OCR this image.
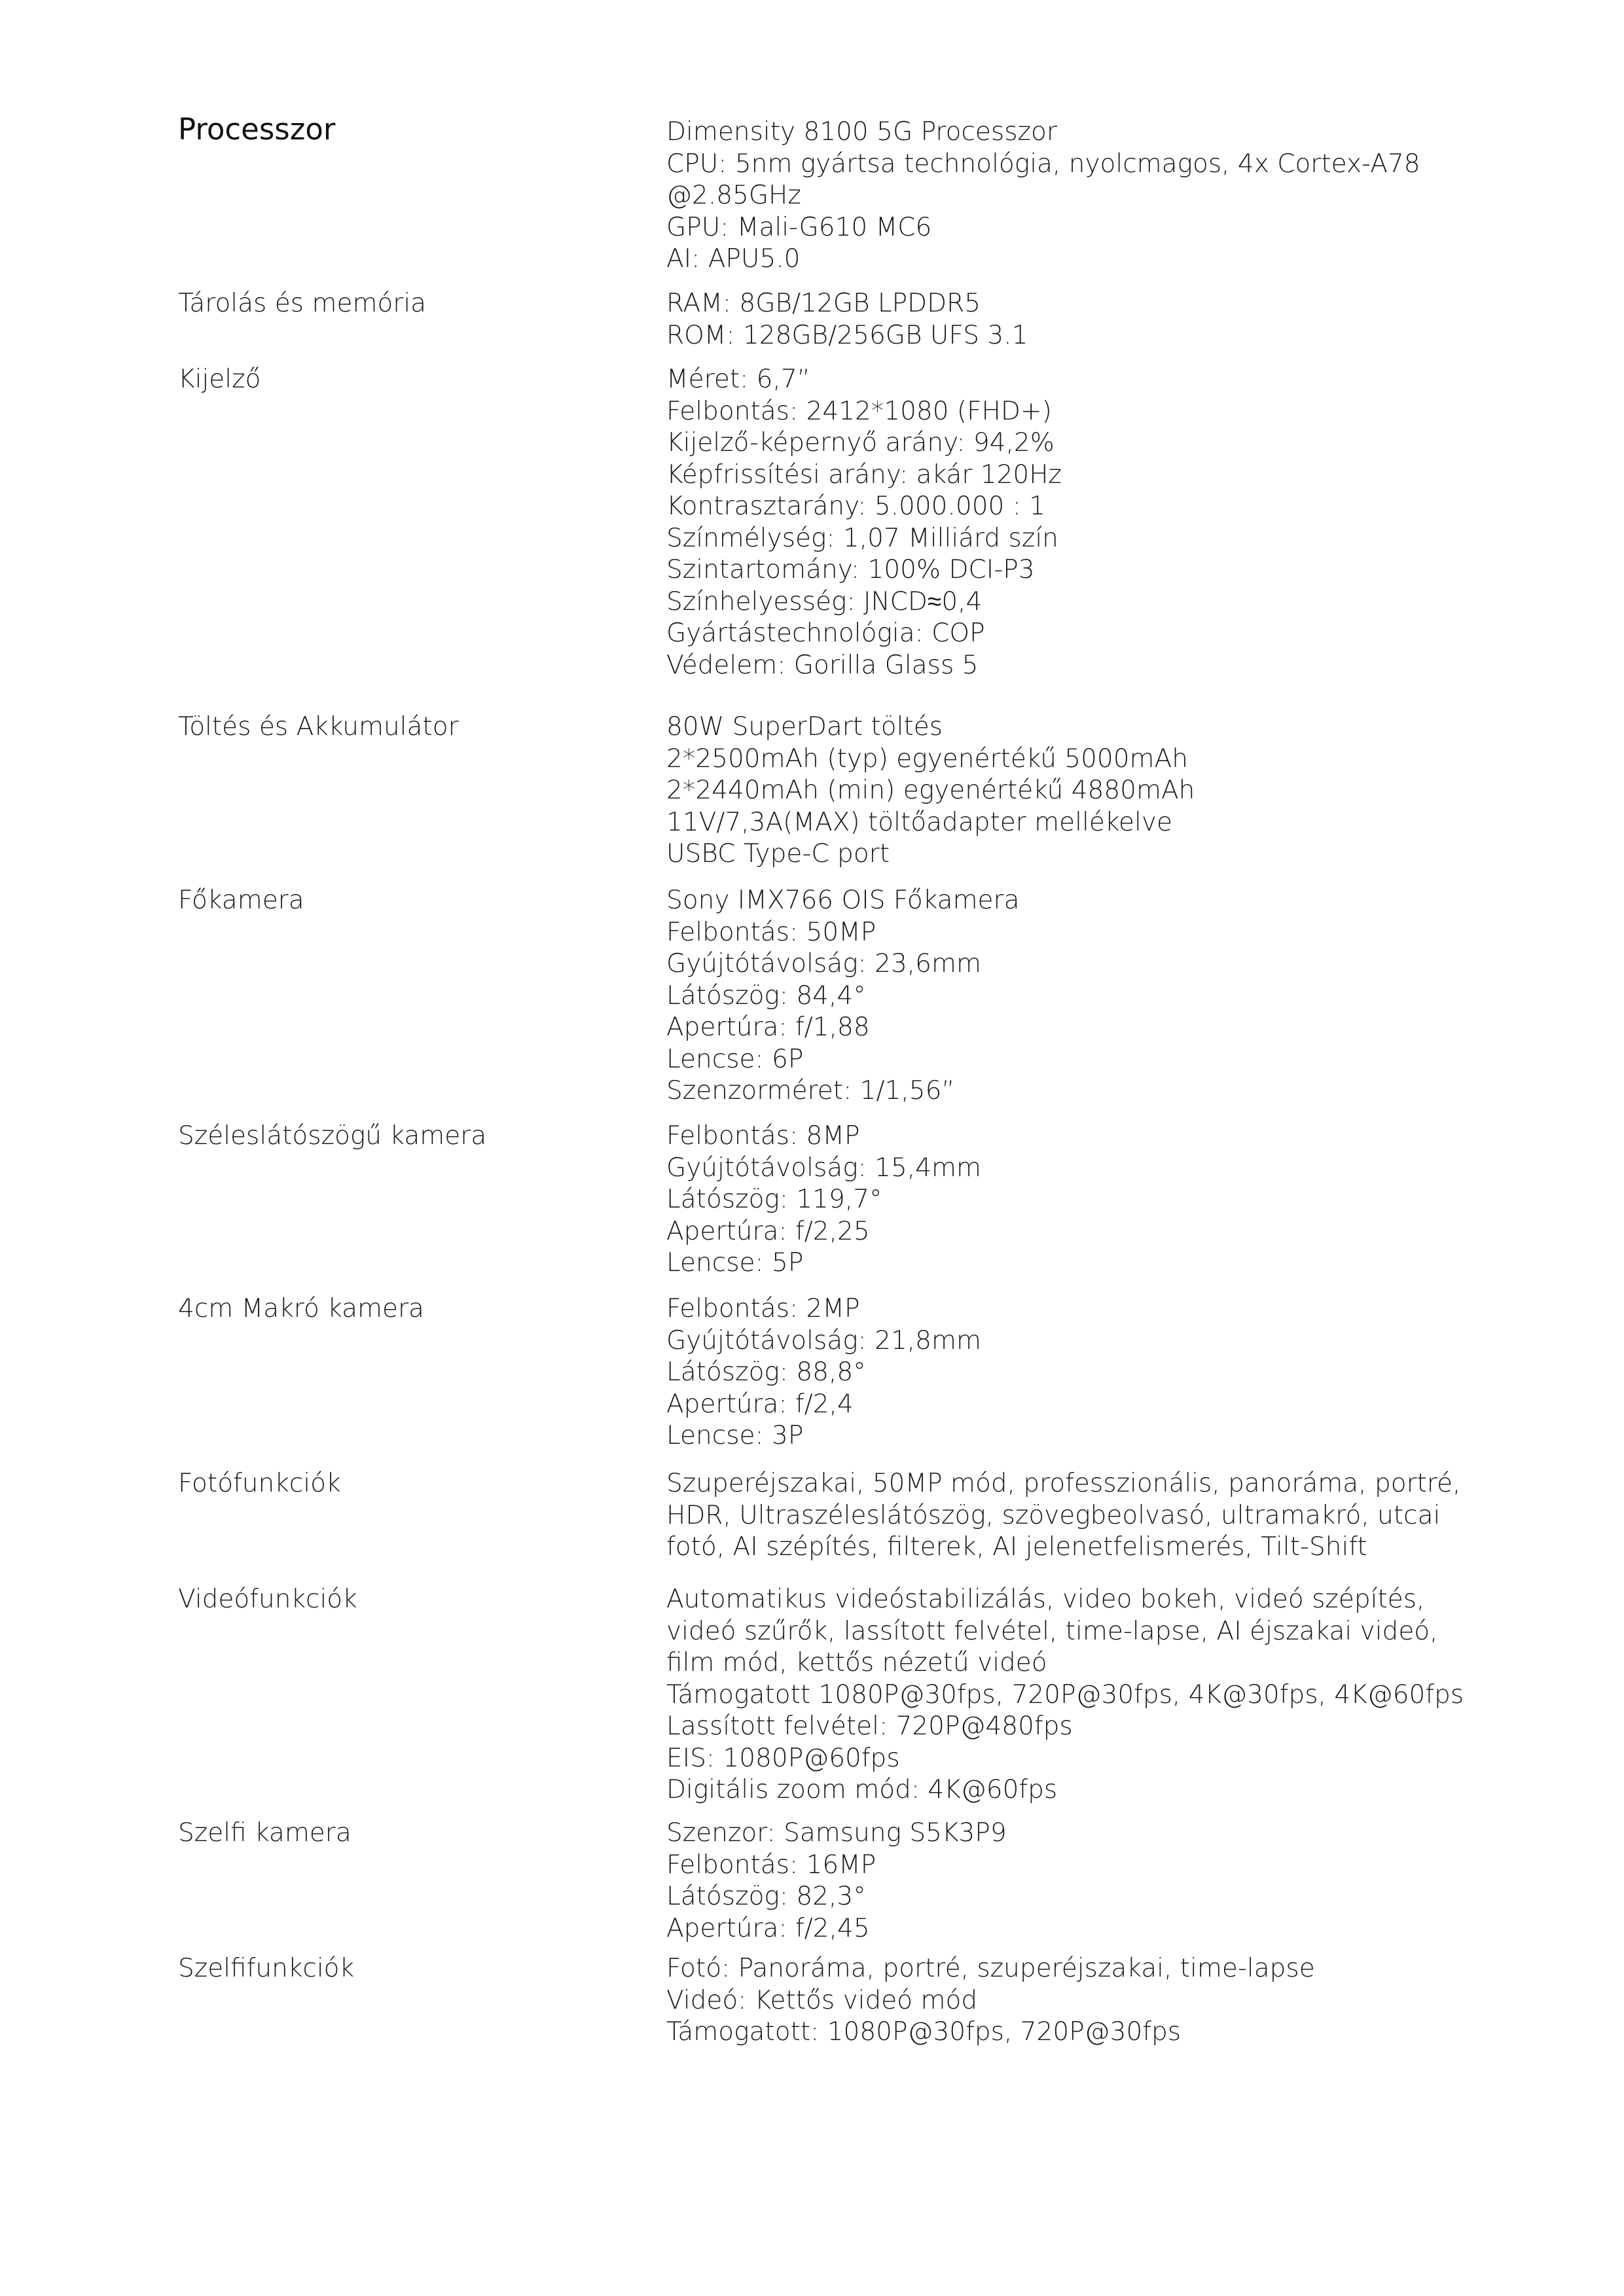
Processzor	Dimensity 8100 5G Processzor
CPU: 5nm gyártsa technológia, nyolcmagos, 4x Cortex-A78
@2.85GHz
GPU: Mali-G610 MC6
AI: APU5.0
Tárolás és memória	RAM: 8GB/12GB LPDDR5
ROM: 128GB/256GB UFS 3.1
Kijelző	Méret: 6,7”
Felbontás: 2412*1080 (FHD+)
Kijelző-képernyő arány: 94,2%
Képfrissítési arány: akár 120Hz
Kontrasztarány: 5.000.000 : 1
Színmélység: 1,07 Milliárd szín
Szintartomány: 100% DCI-P3
Színhelyesség: JNCD≈0,4
Gyártástechnológia: COP
Védelem: Gorilla Glass 5
Töltés és Akkumulátor	80W SuperDart töltés
2*2500mAh (typ) egyenértékű 5000mAh
2*2440mAh (min) egyenértékű 4880mAh
11V/7,3A(MAX) töltőadapter mellékelve
USBC Type-C port
Főkamera	Sony IMX766 OIS Főkamera
Felbontás: 50MP
Gyújtótávolság: 23,6mm
Látószög: 84,4°
Apertúra: f/1,88
Lencse: 6P
Szenzorméret: 1/1,56”
Széleslátószögű kamera	Felbontás: 8MP
Gyújtótávolság: 15,4mm
Látószög: 119,7°
Apertúra: f/2,25
Lencse: 5P
4cm Makró kamera	Felbontás: 2MP
Gyújtótávolság: 21,8mm
Látószög: 88,8°
Apertúra: f/2,4
Lencse: 3P
Fotófunkciók	Szuperéjszakai, 50MP mód, professzionális, panoráma, portré,
HDR, Ultraszéleslátószög, szövegbeolvasó, ultramakró, utcai
fotó, AI szépítés, filterek, AI jelenetfelismerés, Tilt-Shift
Videófunkciók	Automatikus videóstabilizálás, video bokeh, videó szépítés,
videó szűrők, lassított felvétel, time-lapse, AI éjszakai videó,
film mód, kettős nézetű videó
Támogatott 1080P@30fps, 720P@30fps, 4K@30fps, 4K@60fps
Lassított felvétel: 720P@480fps
EIS: 1080P@60fps
Digitális zoom mód: 4K@60fps
Szelfi kamera	Szenzor: Samsung S5K3P9
Felbontás: 16MP
Látószög: 82,3°
Apertúra: f/2,45
Szelfifunkciók	Fotó: Panoráma, portré, szuperéjszakai, time-lapse
Videó: Kettős videó mód
Támogatott: 1080P@30fps, 720P@30fps
